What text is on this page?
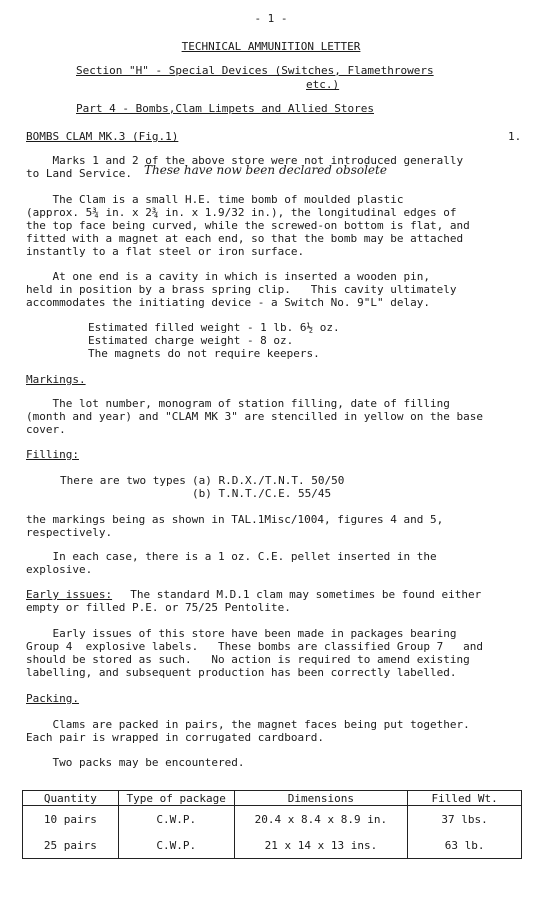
- 1 -
TECHNICAL AMMUNITION LETTER
Section "H" - Special Devices (Switches, Flamethrowers
etc.)
Part 4 - Bombs,Clam Limpets and Allied Stores
BOMBS CLAM MK.3 (Fig.1)	1.
Marks 1 and 2 of the above store were not introduced generally
to Land Service. These have now been declared obsolete
The Clam is a small H.E. time bomb of moulded plastic
(approx. 5¾ in. x 2¾ in. x 1.9/32 in.), the longitudinal edges of
the top face being curved, while the screwed-on bottom is flat, and
fitted with a magnet at each end, so that the bomb may be attached
instantly to a flat steel or iron surface.
At one end is a cavity in which is inserted a wooden pin,
held in position by a brass spring clip.   This cavity ultimately
accommodates the initiating device - a Switch No. 9"L" delay.
Estimated filled weight - 1 lb. 6½ oz.
Estimated charge weight - 8 oz.
The magnets do not require keepers.
Markings.
The lot number, monogram of station filling, date of filling
(month and year) and "CLAM MK 3" are stencilled in yellow on the base
cover.
Filling:
There are two types (a) R.D.X./T.N.T. 50/50
(b) T.N.T./C.E. 55/45
the markings being as shown in TAL.1Misc/1004, figures 4 and 5,
respectively.
In each case, there is a 1 oz. C.E. pellet inserted in the
explosive.
Early issues: The standard M.D.1 clam may sometimes be found either
empty or filled P.E. or 75/25 Pentolite.
Early issues of this store have been made in packages bearing
Group 4  explosive labels.   These bombs are classified Group 7   and
should be stored as such.   No action is required to amend existing
labelling, and subsequent production has been correctly labelled.
Packing.
Clams are packed in pairs, the magnet faces being put together.
Each pair is wrapped in corrugated cardboard.
Two packs may be encountered.
Quantity	Type of package	Dimensions	Filled Wt.
10 pairs	C.W.P.	20.4 x 8.4 x 8.9 in.	37 lbs.
25 pairs	C.W.P.	21 x 14 x 13 ins.	63 lb.
